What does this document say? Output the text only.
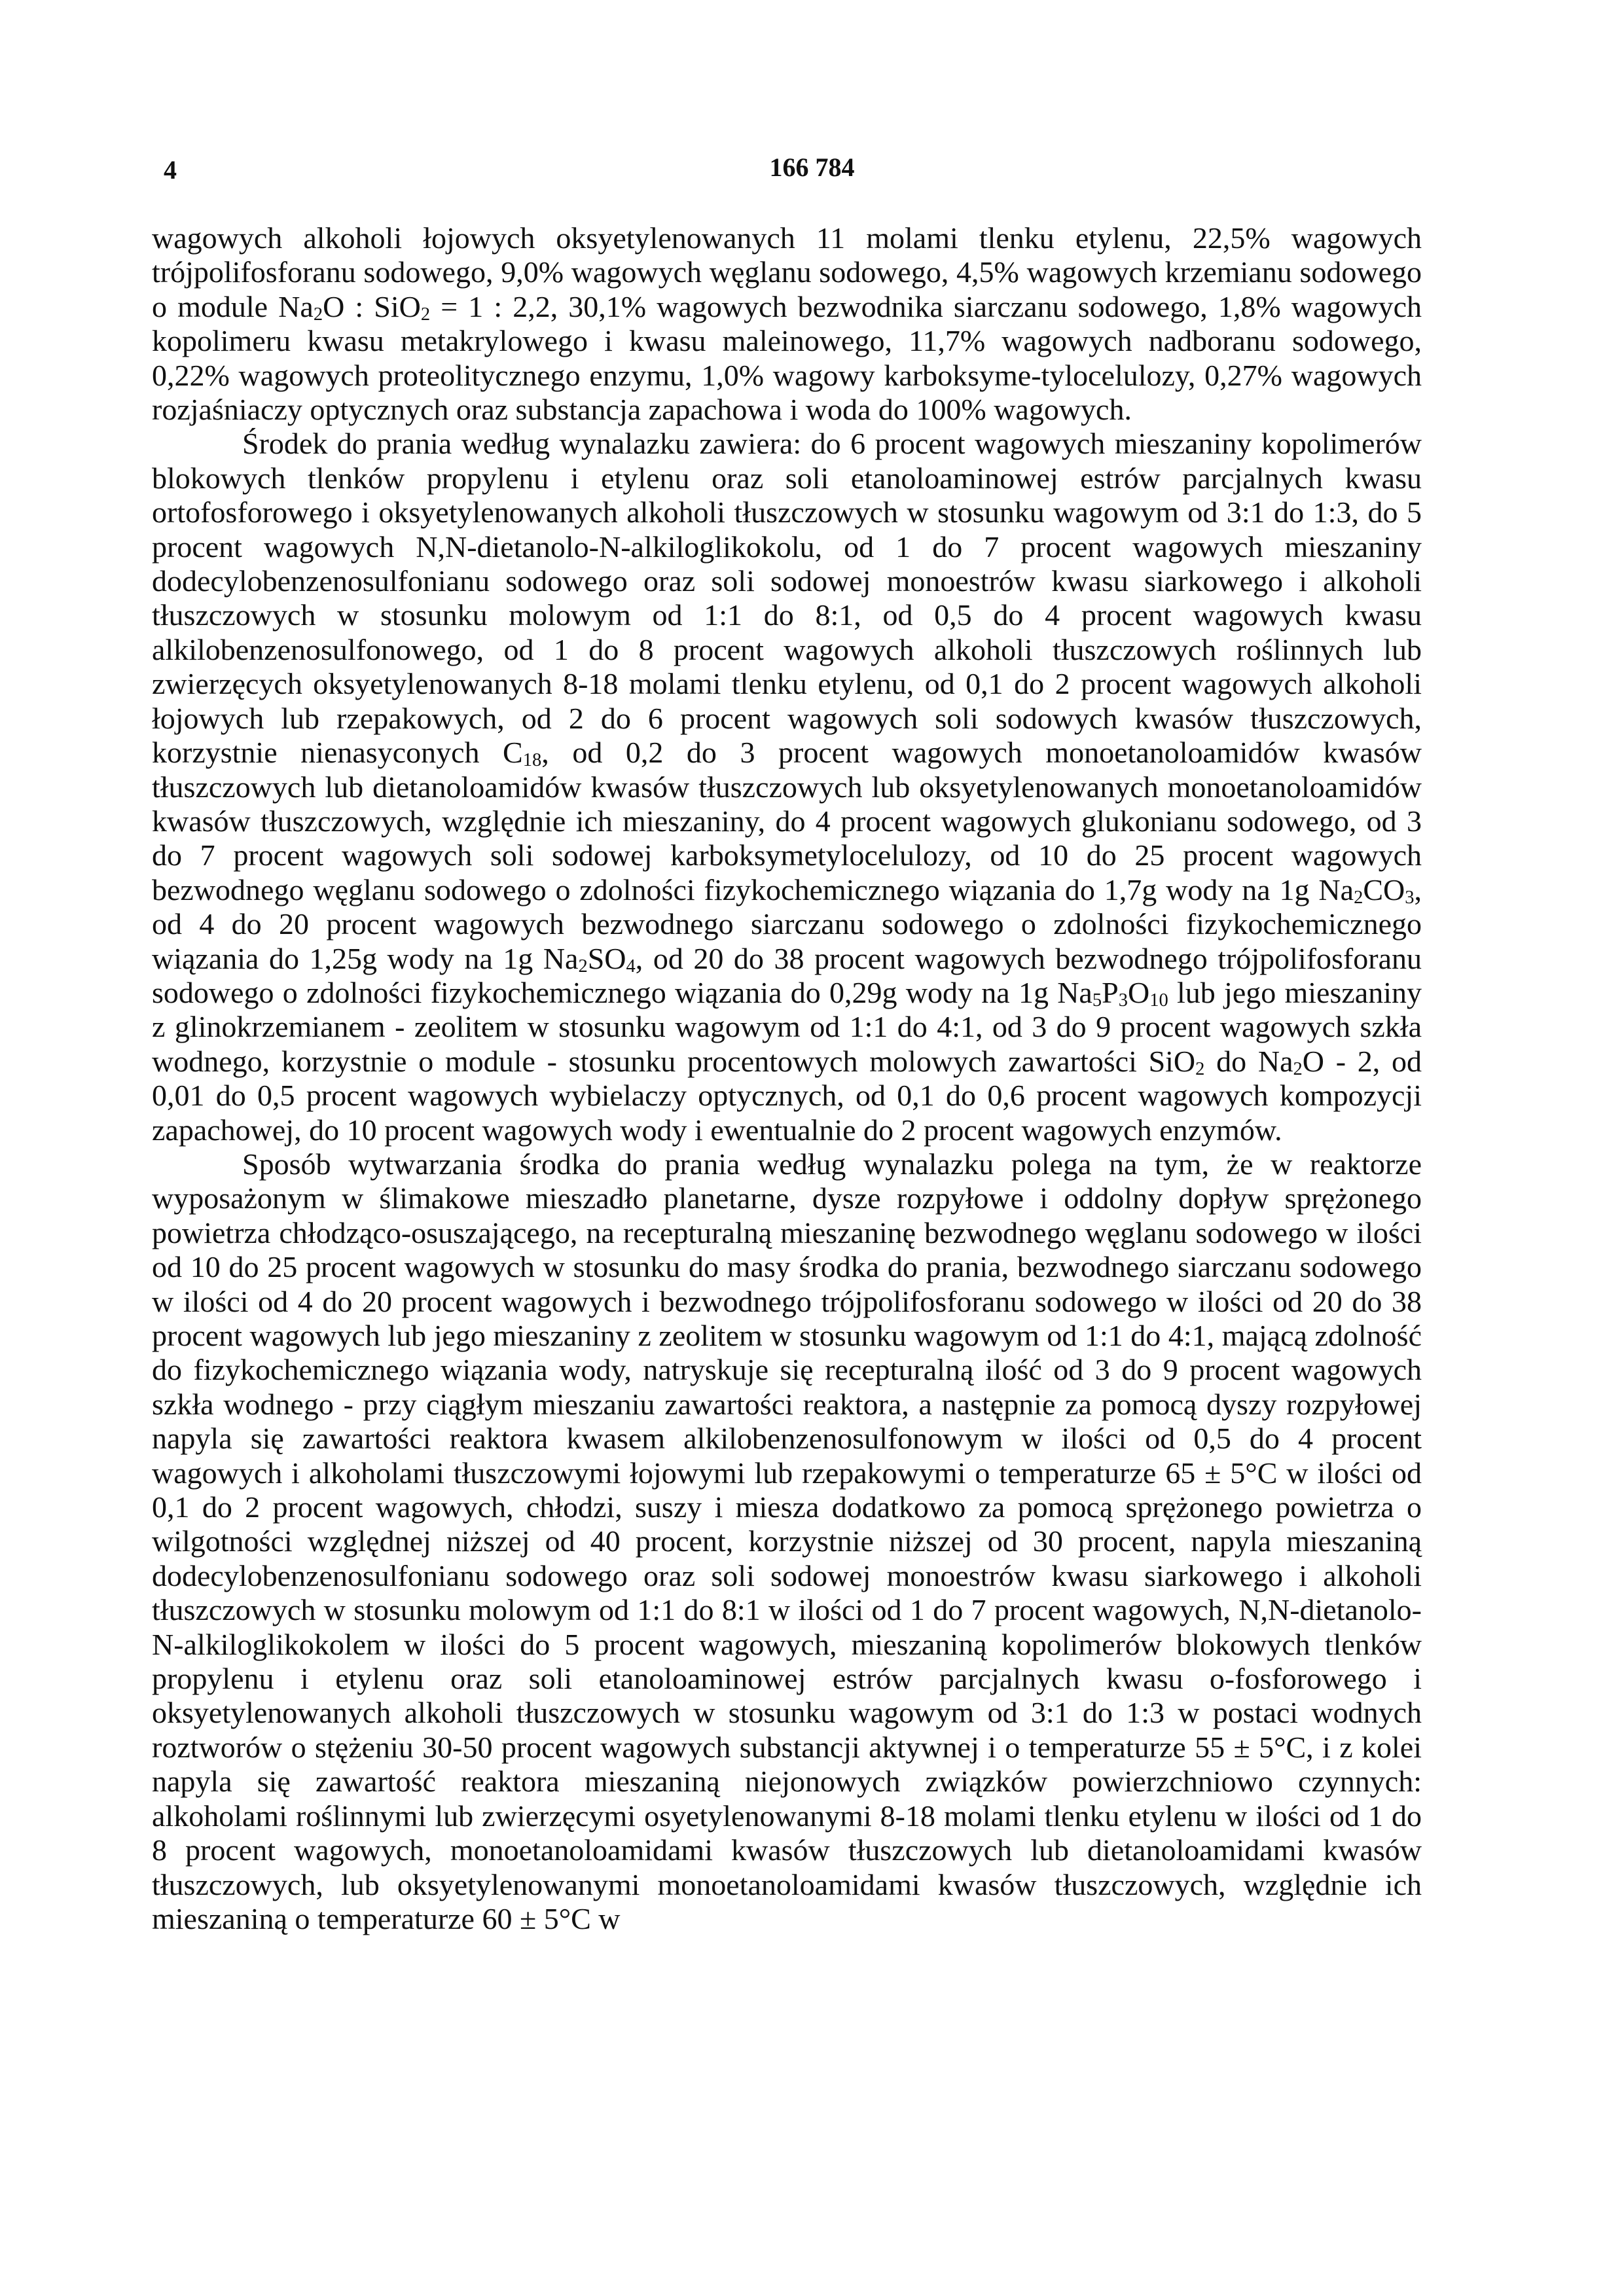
4	166 784

wagowych alkoholi łojowych oksyetylenowanych 11 molami tlenku etylenu, 22,5% wagowych trójpolifosforanu sodowego, 9,0% wagowych węglanu sodowego, 4,5% wagowych krzemianu sodowego o module $Na_2O$ : SiO$_2$ = 1 : 2,2, 30,1% wagowych bezwodnika siarczanu sodowego, 1,8% wagowych kopolimeru kwasu metakrylowego i kwasu maleinowego, 11,7% wagowych nadboranu sodowego, 0,22% wagowych proteolitycznego enzymu, 1,0% wagowy karboksyme-tylocelulozy, 0,27% wagowych rozjaśniaczy optycznych oraz substancja zapachowa i woda do 100% wagowych.

Środek do prania według wynalazku zawiera: do 6 procent wagowych mieszaniny kopolimerów blokowych tlenków propylenu i etylenu oraz soli etanoloaminowej estrów parcjalnych kwasu ortofosforowego i oksyetylenowanych alkoholi tłuszczowych w stosunku wagowym od 3:1 do 1:3, do 5 procent wagowych N,N-dietanolo-N-alkiloglikokolu, od 1 do 7 procent wagowych mieszaniny dodecylobenzenosulfonianu sodowego oraz soli sodowej monoestrów kwasu siarkowego i alkoholi tłuszczowych w stosunku molowym od 1:1 do 8:1, od 0,5 do 4 procent wagowych kwasu alkilobenzenosulfonowego, od 1 do 8 procent wagowych alkoholi tłuszczowych roślinnych lub zwierzęcych oksyetylenowanych 8-18 molami tlenku etylenu, od 0,1 do 2 procent wagowych alkoholi łojowych lub rzepakowych, od 2 do 6 procent wagowych soli sodowych kwasów tłuszczowych, korzystnie nienasyconych $C_{18}$, od 0,2 do 3 procent wagowych monoetanoloamidów kwasów tłuszczowych lub dietanoloamidów kwasów tłuszczowych lub oksyetylenowanych monoetanoloamidów kwasów tłuszczowych, względnie ich mieszaniny, do 4 procent wagowych glukonianu sodowego, od 3 do 7 procent wagowych soli sodowej karboksymetylocelulozy, od 10 do 25 procent wagowych bezwodnego węglanu sodowego o zdolności fizykochemicznego wiązania do 1,7g wody na 1g $Na_2CO_3$, od 4 do 20 procent wagowych bezwodnego siarczanu sodowego o zdolności fizykochemicznego wiązania do 1,25g wody na 1g $Na_2SO_4$, od 20 do 38 procent wagowych bezwodnego trójpolifosforanu sodowego o zdolności fizykochemicznego wiązania do 0,29g wody na 1g $Na_5P_3O_{10}$ lub jego mieszaniny z glinokrzemianem - zeolitem w stosunku wagowym od 1:1 do 4:1, od 3 do 9 procent wagowych szkła wodnego, korzystnie o module - stosunku procentowych molowych zawartości SiO$_2$ do $Na_2O - 2$, od 0,01 do 0,5 procent wagowych wybielaczy optycznych, od 0,1 do 0,6 procent wagowych kompozycji zapachowej, do 10 procent wagowych wody i ewentualnie do 2 procent wagowych enzymów.

Sposób wytwarzania środka do prania według wynalazku polega na tym, że w reaktorze wyposażonym w ślimakowe mieszadło planetarne, dysze rozpyłowe i oddolny dopływ sprężonego powietrza chłodząco-osuszającego, na recepturalną mieszaninę bezwodnego węglanu sodowego w ilości od 10 do 25 procent wagowych w stosunku do masy środka do prania, bezwodnego siarczanu sodowego w ilości od 4 do 20 procent wagowych i bezwodnego trójpolifosforanu sodowego w ilości od 20 do 38 procent wagowych lub jego mieszaniny z zeolitem w stosunku wagowym od 1:1 do 4:1, mającą zdolność do fizykochemicznego wiązania wody, natryskuje się recepturalną ilość od 3 do 9 procent wagowych szkła wodnego - przy ciągłym mieszaniu zawartości reaktora, a następnie za pomocą dyszy rozpyłowej napyla się zawartości reaktora kwasem alkilobenzenosulfonowym w ilości od 0,5 do 4 procent wagowych i alkoholami tłuszczowymi łojowymi lub rzepakowymi o temperaturze 65 ± 5°C w ilości od 0,1 do 2 procent wagowych, chłodzi, suszy i miesza dodatkowo za pomocą sprężonego powietrza o wilgotności względnej niższej od 40 procent, korzystnie niższej od 30 procent, napyla mieszaniną dodecylobenzenosulfonianu sodowego oraz soli sodowej monoestrów kwasu siarkowego i alkoholi tłuszczowych w stosunku molowym od 1:1 do 8:1 w ilości od 1 do 7 procent wagowych, N,N-dietanolo-N-alkiloglikokolem w ilości do 5 procent wagowych, mieszaniną kopolimerów blokowych tlenków propylenu i etylenu oraz soli etanoloaminowej estrów parcjalnych kwasu o-fosforowego i oksyetylenowanych alkoholi tłuszczowych w stosunku wagowym od 3:1 do 1:3 w postaci wodnych roztworów o stężeniu 30-50 procent wagowych substancji aktywnej i o temperaturze 55 ± 5°C, i z kolei napyla się zawartość reaktora mieszaniną niejonowych związków powierzchniowo czynnych: alkoholami roślinnymi lub zwierzęcymi osyetylenowanymi 8-18 molami tlenku etylenu w ilości od 1 do 8 procent wagowych, monoetanoloamidami kwasów tłuszczowych lub dietanoloamidami kwasów tłuszczowych, lub oksyetylenowanymi monoetanoloamidami kwasów tłuszczowych, względnie ich mieszaniną o temperaturze 60 ± 5°C w
